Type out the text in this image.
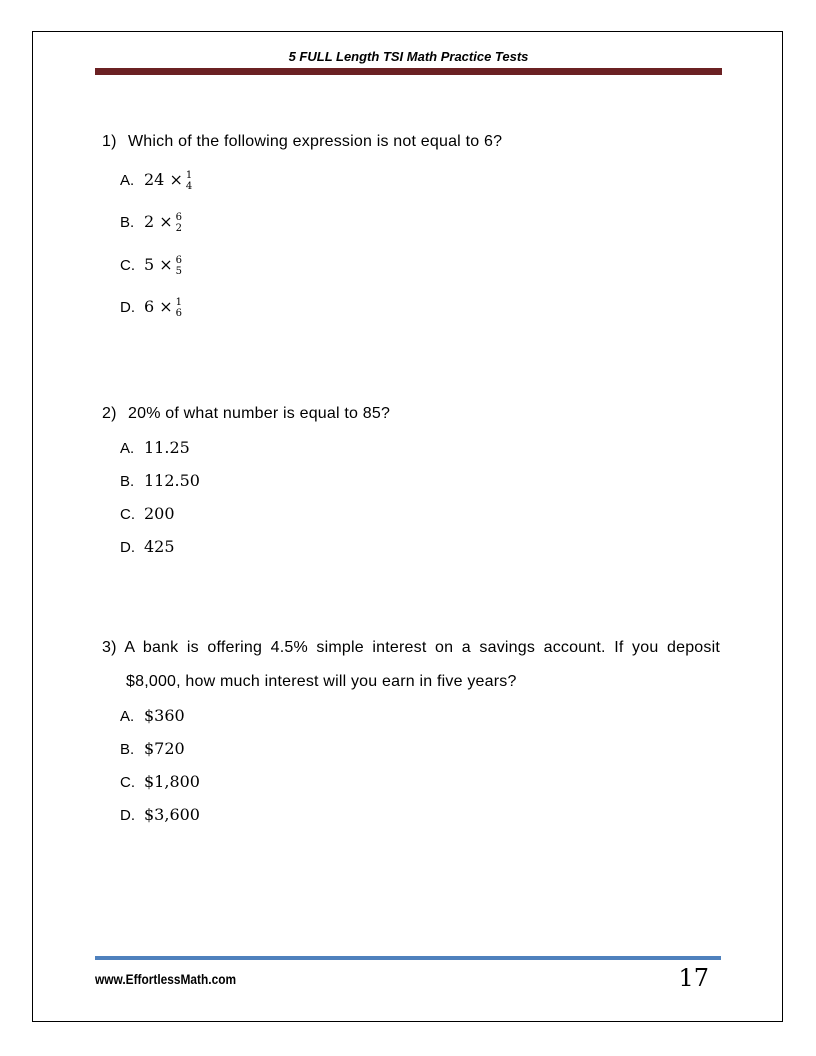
5 FULL Length TSI Math Practice Tests
1) Which of the following expression is not equal to 6?
A. 24 × 1
4
B. 2 × 6
2
C. 5 × 6
5
D. 6 × 1
6
2) 20% of what number is equal to 85?
A. 11.25
B. 112.50
C. 200
D. 425
3) A bank is offering 4.5% simple interest on a savings account. If you deposit
$8,000, how much interest will you earn in five years?
A. $360
B. $720
C. $1,800
D. $3,600
www.EffortlessMath.com	17
